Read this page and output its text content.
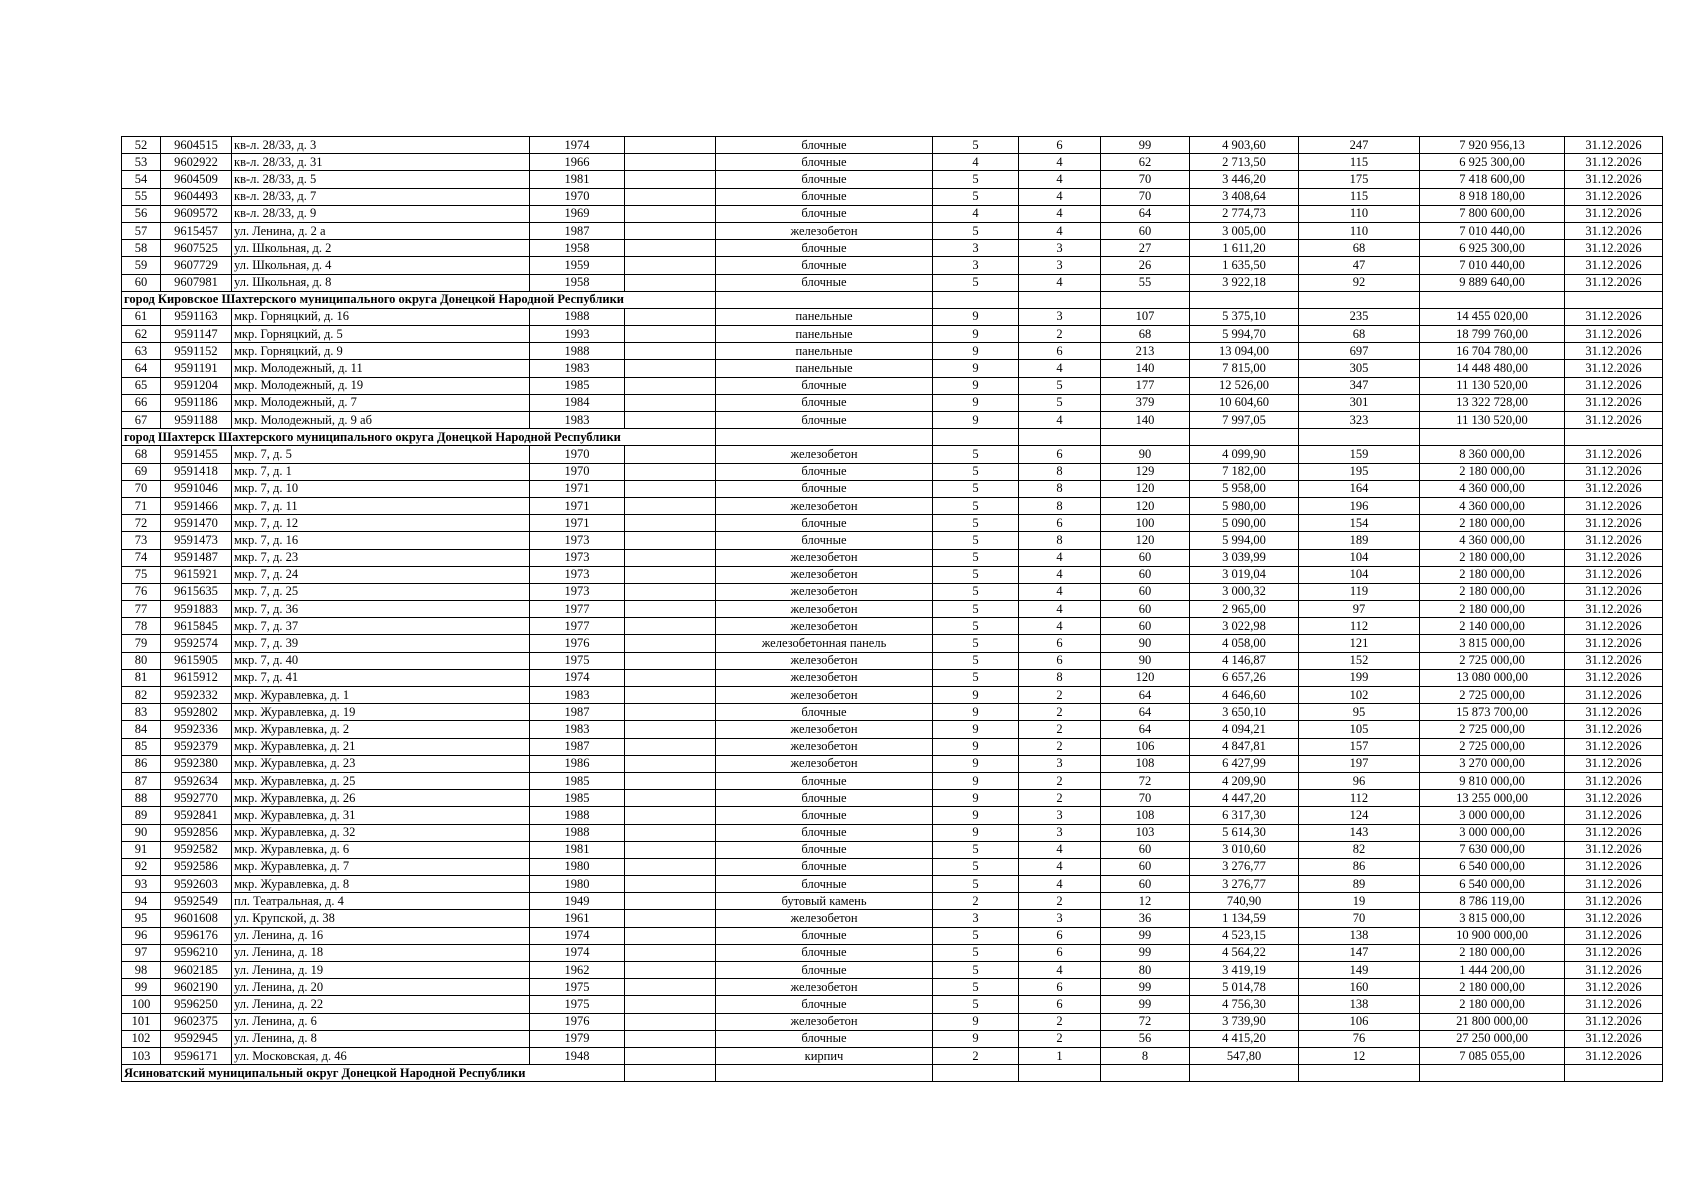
52	9604515	кв-л. 28/33, д. 3	1974		блочные	5	6	99	4 903,60	247	7 920 956,13	31.12.2026
53	9602922	кв-л. 28/33, д. 31	1966		блочные	4	4	62	2 713,50	115	6 925 300,00	31.12.2026
54	9604509	кв-л. 28/33, д. 5	1981		блочные	5	4	70	3 446,20	175	7 418 600,00	31.12.2026
55	9604493	кв-л. 28/33, д. 7	1970		блочные	5	4	70	3 408,64	115	8 918 180,00	31.12.2026
56	9609572	кв-л. 28/33, д. 9	1969		блочные	4	4	64	2 774,73	110	7 800 600,00	31.12.2026
57	9615457	ул. Ленина, д. 2 а	1987		железобетон	5	4	60	3 005,00	110	7 010 440,00	31.12.2026
58	9607525	ул. Школьная, д. 2	1958		блочные	3	3	27	1 611,20	68	6 925 300,00	31.12.2026
59	9607729	ул. Школьная, д. 4	1959		блочные	3	3	26	1 635,50	47	7 010 440,00	31.12.2026
60	9607981	ул. Школьная, д. 8	1958		блочные	5	4	55	3 922,18	92	9 889 640,00	31.12.2026
город Кировское Шахтерского муниципального округа Донецкой Народной Республики												
61	9591163	мкр. Горняцкий, д. 16	1988		панельные	9	3	107	5 375,10	235	14 455 020,00	31.12.2026
62	9591147	мкр. Горняцкий, д. 5	1993		панельные	9	2	68	5 994,70	68	18 799 760,00	31.12.2026
63	9591152	мкр. Горняцкий, д. 9	1988		панельные	9	6	213	13 094,00	697	16 704 780,00	31.12.2026
64	9591191	мкр. Молодежный, д. 11	1983		панельные	9	4	140	7 815,00	305	14 448 480,00	31.12.2026
65	9591204	мкр. Молодежный, д. 19	1985		блочные	9	5	177	12 526,00	347	11 130 520,00	31.12.2026
66	9591186	мкр. Молодежный, д. 7	1984		блочные	9	5	379	10 604,60	301	13 322 728,00	31.12.2026
67	9591188	мкр. Молодежный, д. 9 аб	1983		блочные	9	4	140	7 997,05	323	11 130 520,00	31.12.2026
город Шахтерск Шахтерского муниципального округа Донецкой Народной Республики												
68	9591455	мкр. 7, д. 5	1970		железобетон	5	6	90	4 099,90	159	8 360 000,00	31.12.2026
69	9591418	мкр. 7, д. 1	1970		блочные	5	8	129	7 182,00	195	2 180 000,00	31.12.2026
70	9591046	мкр. 7, д. 10	1971		блочные	5	8	120	5 958,00	164	4 360 000,00	31.12.2026
71	9591466	мкр. 7, д. 11	1971		железобетон	5	8	120	5 980,00	196	4 360 000,00	31.12.2026
72	9591470	мкр. 7, д. 12	1971		блочные	5	6	100	5 090,00	154	2 180 000,00	31.12.2026
73	9591473	мкр. 7, д. 16	1973		блочные	5	8	120	5 994,00	189	4 360 000,00	31.12.2026
74	9591487	мкр. 7, д. 23	1973		железобетон	5	4	60	3 039,99	104	2 180 000,00	31.12.2026
75	9615921	мкр. 7, д. 24	1973		железобетон	5	4	60	3 019,04	104	2 180 000,00	31.12.2026
76	9615635	мкр. 7, д. 25	1973		железобетон	5	4	60	3 000,32	119	2 180 000,00	31.12.2026
77	9591883	мкр. 7, д. 36	1977		железобетон	5	4	60	2 965,00	97	2 180 000,00	31.12.2026
78	9615845	мкр. 7, д. 37	1977		железобетон	5	4	60	3 022,98	112	2 140 000,00	31.12.2026
79	9592574	мкр. 7, д. 39	1976		железобетонная панель	5	6	90	4 058,00	121	3 815 000,00	31.12.2026
80	9615905	мкр. 7, д. 40	1975		железобетон	5	6	90	4 146,87	152	2 725 000,00	31.12.2026
81	9615912	мкр. 7, д. 41	1974		железобетон	5	8	120	6 657,26	199	13 080 000,00	31.12.2026
82	9592332	мкр. Журавлевка, д. 1	1983		железобетон	9	2	64	4 646,60	102	2 725 000,00	31.12.2026
83	9592802	мкр. Журавлевка, д. 19	1987		блочные	9	2	64	3 650,10	95	15 873 700,00	31.12.2026
84	9592336	мкр. Журавлевка, д. 2	1983		железобетон	9	2	64	4 094,21	105	2 725 000,00	31.12.2026
85	9592379	мкр. Журавлевка, д. 21	1987		железобетон	9	2	106	4 847,81	157	2 725 000,00	31.12.2026
86	9592380	мкр. Журавлевка, д. 23	1986		железобетон	9	3	108	6 427,99	197	3 270 000,00	31.12.2026
87	9592634	мкр. Журавлевка, д. 25	1985		блочные	9	2	72	4 209,90	96	9 810 000,00	31.12.2026
88	9592770	мкр. Журавлевка, д. 26	1985		блочные	9	2	70	4 447,20	112	13 255 000,00	31.12.2026
89	9592841	мкр. Журавлевка, д. 31	1988		блочные	9	3	108	6 317,30	124	3 000 000,00	31.12.2026
90	9592856	мкр. Журавлевка, д. 32	1988		блочные	9	3	103	5 614,30	143	3 000 000,00	31.12.2026
91	9592582	мкр. Журавлевка, д. 6	1981		блочные	5	4	60	3 010,60	82	7 630 000,00	31.12.2026
92	9592586	мкр. Журавлевка, д. 7	1980		блочные	5	4	60	3 276,77	86	6 540 000,00	31.12.2026
93	9592603	мкр. Журавлевка, д. 8	1980		блочные	5	4	60	3 276,77	89	6 540 000,00	31.12.2026
94	9592549	пл. Театральная, д. 4	1949		бутовый камень	2	2	12	740,90	19	8 786 119,00	31.12.2026
95	9601608	ул. Крупской, д. 38	1961		железобетон	3	3	36	1 134,59	70	3 815 000,00	31.12.2026
96	9596176	ул. Ленина, д. 16	1974		блочные	5	6	99	4 523,15	138	10 900 000,00	31.12.2026
97	9596210	ул. Ленина, д. 18	1974		блочные	5	6	99	4 564,22	147	2 180 000,00	31.12.2026
98	9602185	ул. Ленина, д. 19	1962		блочные	5	4	80	3 419,19	149	1 444 200,00	31.12.2026
99	9602190	ул. Ленина, д. 20	1975		железобетон	5	6	99	5 014,78	160	2 180 000,00	31.12.2026
100	9596250	ул. Ленина, д. 22	1975		блочные	5	6	99	4 756,30	138	2 180 000,00	31.12.2026
101	9602375	ул. Ленина, д. 6	1976		железобетон	9	2	72	3 739,90	106	21 800 000,00	31.12.2026
102	9592945	ул. Ленина, д. 8	1979		блочные	9	2	56	4 415,20	76	27 250 000,00	31.12.2026
103	9596171	ул. Московская, д. 46	1948		кирпич	2	1	8	547,80	12	7 085 055,00	31.12.2026
Ясиноватский муниципальный округ Донецкой Народной Республики												
